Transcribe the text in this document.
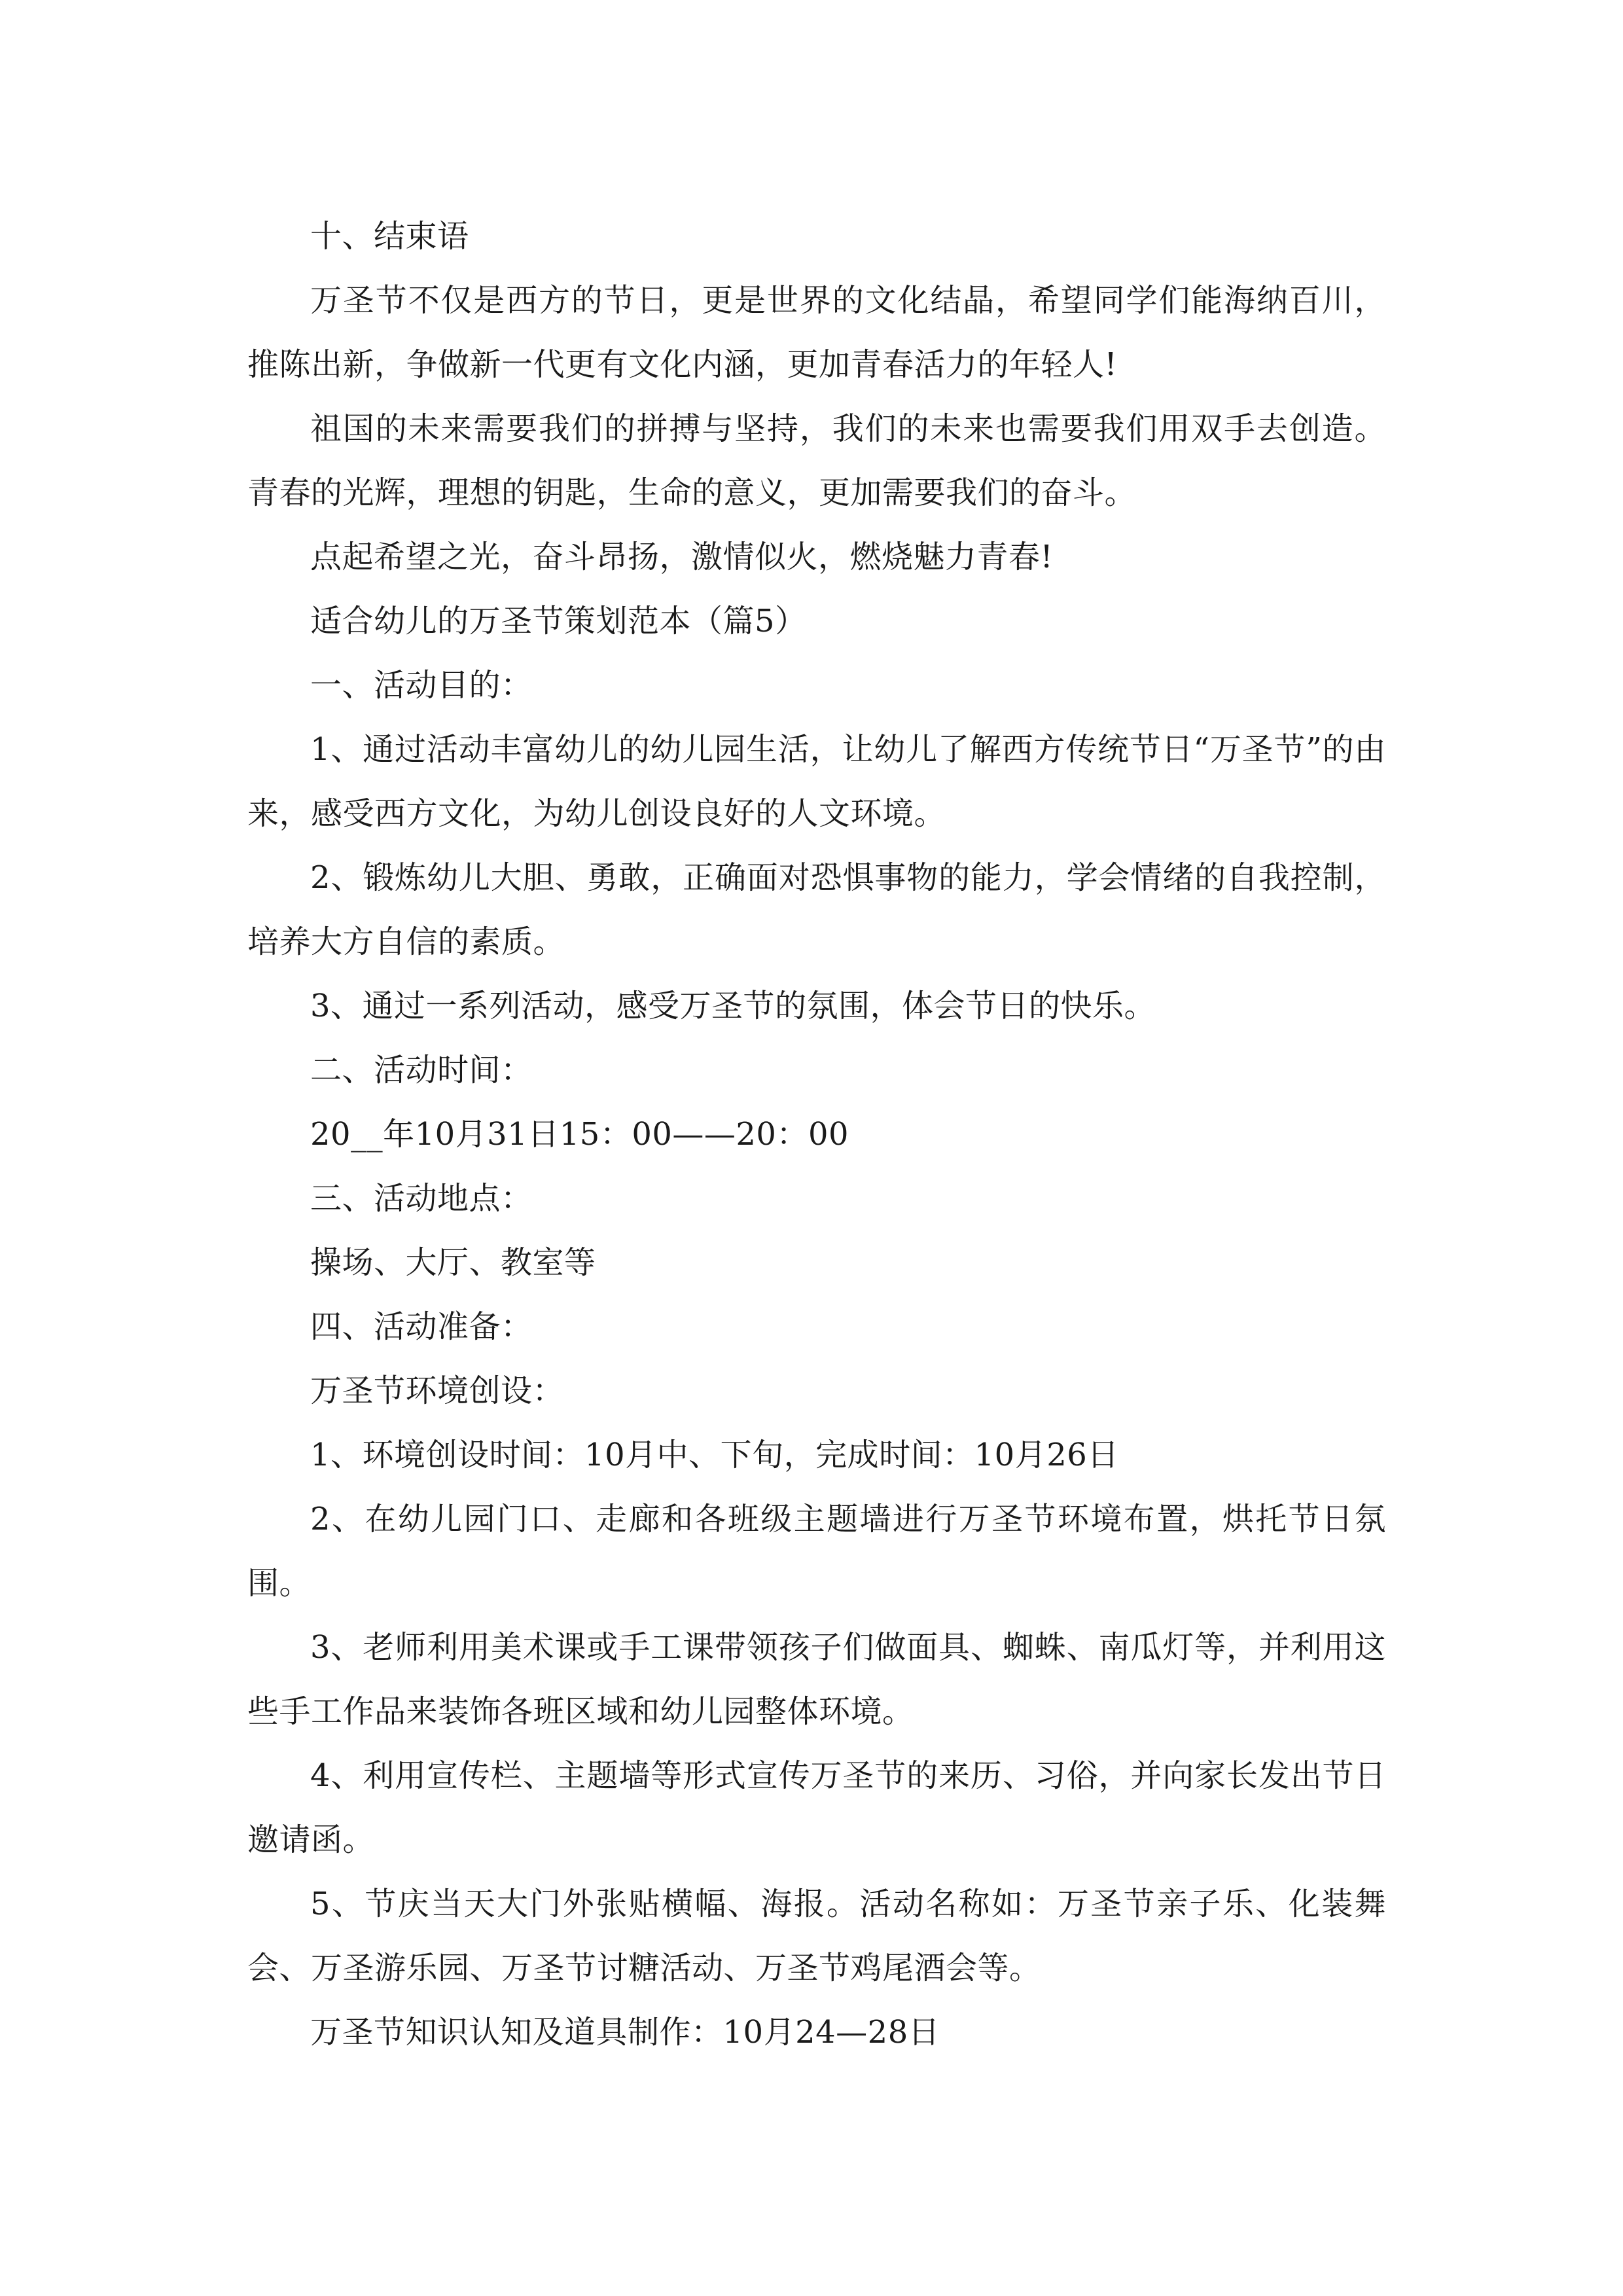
十、结束语

万圣节不仅是西方的节日，更是世界的文化结晶，希望同学们能海纳百川，推陈出新，争做新一代更有文化内涵，更加青春活力的年轻人!

祖国的未来需要我们的拼搏与坚持，我们的未来也需要我们用双手去创造。青春的光辉，理想的钥匙，生命的意义，更加需要我们的奋斗。

点起希望之光，奋斗昂扬，激情似火，燃烧魅力青春!

适合幼儿的万圣节策划范本（篇5）

一、活动目的：

1、通过活动丰富幼儿的幼儿园生活，让幼儿了解西方传统节日“万圣节”的由来，感受西方文化，为幼儿创设良好的人文环境。

2、锻炼幼儿大胆、勇敢，正确面对恐惧事物的能力，学会情绪的自我控制，培养大方自信的素质。

3、通过一系列活动，感受万圣节的氛围，体会节日的快乐。

二、活动时间：

20__年10月31日15：00——20：00

三、活动地点：

操场、大厅、教室等

四、活动准备：

万圣节环境创设：

1、环境创设时间：10月中、下旬，完成时间：10月26日

2、在幼儿园门口、走廊和各班级主题墙进行万圣节环境布置，烘托节日氛围。

3、老师利用美术课或手工课带领孩子们做面具、蜘蛛、南瓜灯等，并利用这些手工作品来装饰各班区域和幼儿园整体环境。

4、利用宣传栏、主题墙等形式宣传万圣节的来历、习俗，并向家长发出节日邀请函。

5、节庆当天大门外张贴横幅、海报。活动名称如：万圣节亲子乐、化装舞会、万圣游乐园、万圣节讨糖活动、万圣节鸡尾酒会等。

万圣节知识认知及道具制作：10月24—28日
